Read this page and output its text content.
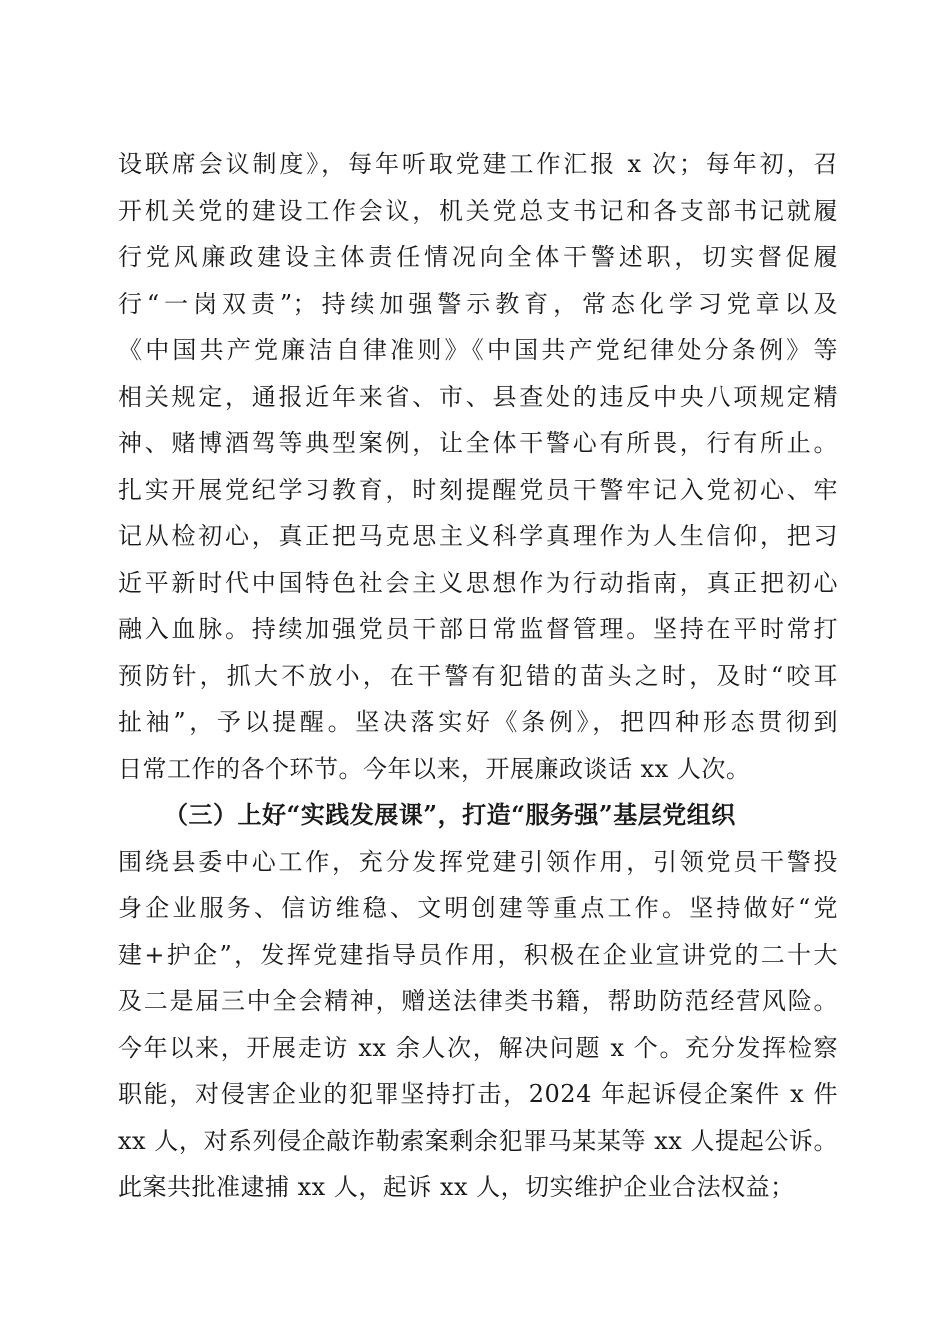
设联席会议制度》，每年听取党建工作汇报 x 次；每年初，召
开机关党的建设工作会议，机关党总支书记和各支部书记就履
行党风廉政建设主体责任情况向全体干警述职，切实督促履
行“一岗双责”；持续加强警示教育，常态化学习党章以及
《中国共产党廉洁自律准则》《中国共产党纪律处分条例》等
相关规定，通报近年来省、市、县查处的违反中央八项规定精
神、赌博酒驾等典型案例，让全体干警心有所畏，行有所止。
扎实开展党纪学习教育，时刻提醒党员干警牢记入党初心、牢
记从检初心，真正把马克思主义科学真理作为人生信仰，把习
近平新时代中国特色社会主义思想作为行动指南，真正把初心
融入血脉。持续加强党员干部日常监督管理。坚持在平时常打
预防针，抓大不放小，在干警有犯错的苗头之时，及时“咬耳
扯袖”，予以提醒。坚决落实好《条例》，把四种形态贯彻到
日常工作的各个环节。今年以来，开展廉政谈话 xx 人次。
（三）上好“实践发展课”，打造“服务强”基层党组织
围绕县委中心工作，充分发挥党建引领作用，引领党员干警投
身企业服务、信访维稳、文明创建等重点工作。坚持做好“党
建+护企”，发挥党建指导员作用，积极在企业宣讲党的二十大
及二是届三中全会精神，赠送法律类书籍，帮助防范经营风险。
今年以来，开展走访 xx 余人次，解决问题 x 个。充分发挥检察
职能，对侵害企业的犯罪坚持打击，2024 年起诉侵企案件 x 件
xx 人，对系列侵企敲诈勒索案剩余犯罪马某某等 xx 人提起公诉。
此案共批准逮捕 xx 人，起诉 xx 人，切实维护企业合法权益；
